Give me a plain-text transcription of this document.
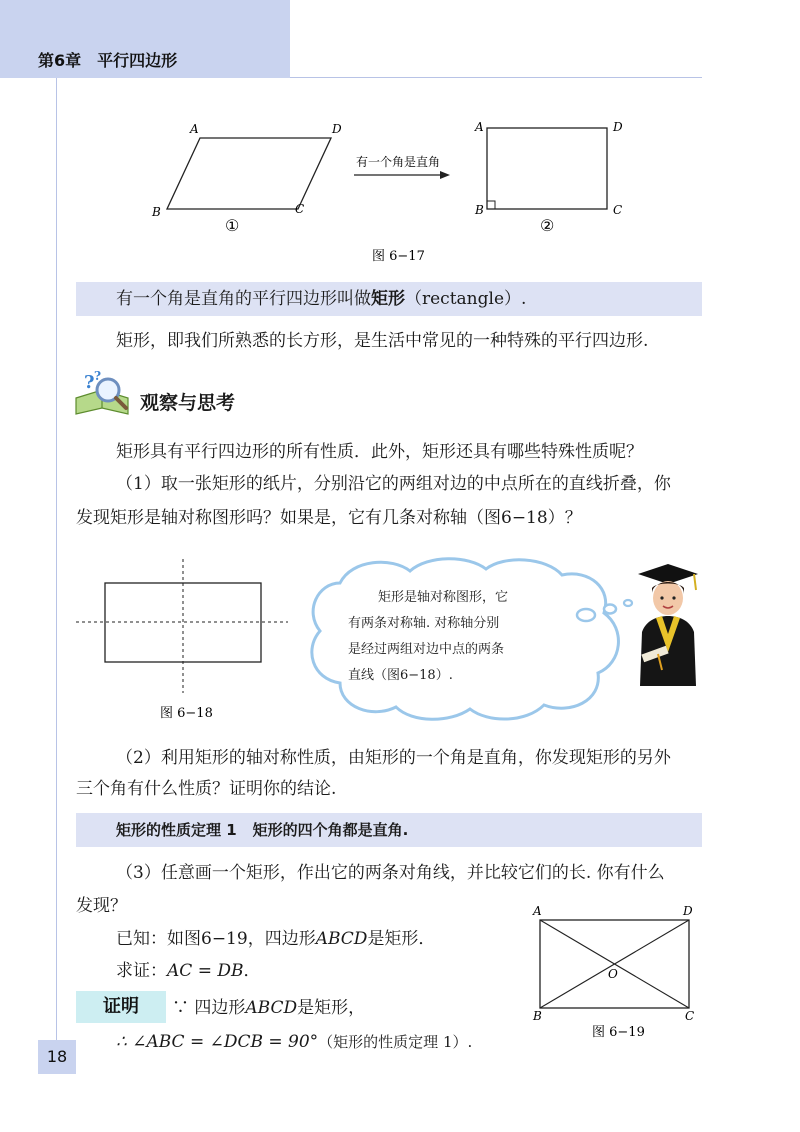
第6章　平行四边形
A	D
B	C
①
有一个角是直角
A	D
B	C
②
图 6−17
有一个角是直角的平行四边形叫做矩形（rectangle）.
矩形，即我们所熟悉的长方形，是生活中常见的一种特殊的平行四边形.
? ?
观察与思考
矩形具有平行四边形的所有性质．此外，矩形还具有哪些特殊性质呢？
（1）取一张矩形的纸片，分别沿它的两组对边的中点所在的直线折叠，你
发现矩形是轴对称图形吗？如果是，它有几条对称轴（图6−18）？
图 6−18
矩形是轴对称图形，它
有两条对称轴. 对称轴分别
是经过两组对边中点的两条
直线（图6−18）.
（2）利用矩形的轴对称性质，由矩形的一个角是直角，你发现矩形的另外
三个角有什么性质？证明你的结论.
矩形的性质定理 1 矩形的四个角都是直角.
（3）任意画一个矩形，作出它的两条对角线，并比较它们的长. 你有什么
发现？
已知：如图6−19，四边形ABCD是矩形．
求证：AC = DB．
证明	∵ 四边形ABCD是矩形，
∴ ∠ABC = ∠DCB = 90°（矩形的性质定理 1）.
A	D
B	C
O
图 6−19
18
